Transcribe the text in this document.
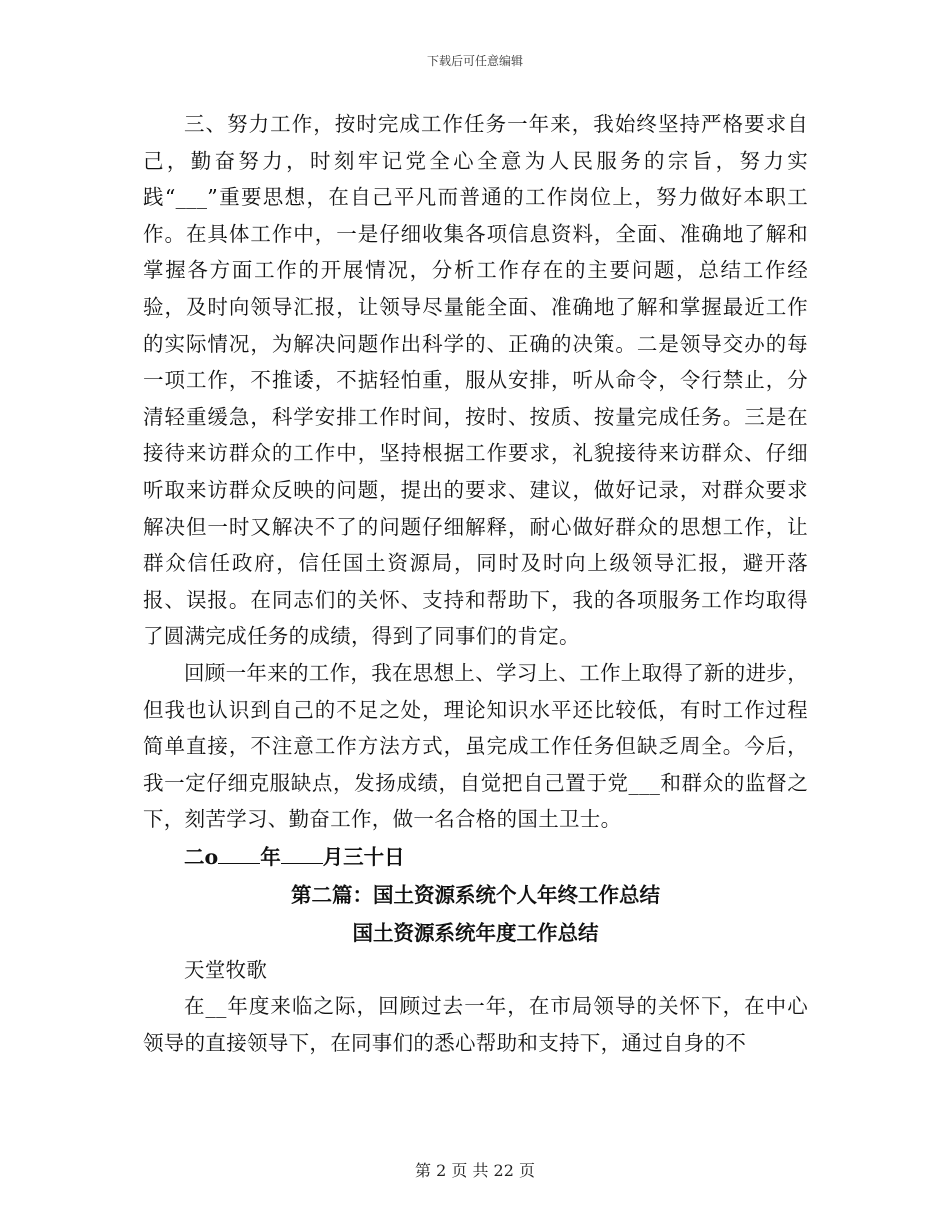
下载后可任意编辑

三、努力工作，按时完成工作任务一年来，我始终坚持严格要求自己，勤奋努力，时刻牢记党全心全意为人民服务的宗旨，努力实践“___”重要思想，在自己平凡而普通的工作岗位上，努力做好本职工作。在具体工作中，一是仔细收集各项信息资料，全面、准确地了解和掌握各方面工作的开展情况，分析工作存在的主要问题，总结工作经验，及时向领导汇报，让领导尽量能全面、准确地了解和掌握最近工作的实际情况，为解决问题作出科学的、正确的决策。二是领导交办的每一项工作，不推诿，不掂轻怕重，服从安排，听从命令，令行禁止，分清轻重缓急，科学安排工作时间，按时、按质、按量完成任务。三是在接待来访群众的工作中，坚持根据工作要求，礼貌接待来访群众、仔细听取来访群众反映的问题，提出的要求、建议，做好记录，对群众要求解决但一时又解决不了的问题仔细解释，耐心做好群众的思想工作，让群众信任政府，信任国土资源局，同时及时向上级领导汇报，避开落报、误报。在同志们的关怀、支持和帮助下，我的各项服务工作均取得了圆满完成任务的成绩，得到了同事们的肯定。

回顾一年来的工作，我在思想上、学习上、工作上取得了新的进步，但我也认识到自己的不足之处，理论知识水平还比较低，有时工作过程简单直接，不注意工作方法方式，虽完成工作任务但缺乏周全。今后，我一定仔细克服缺点，发扬成绩，自觉把自己置于党___和群众的监督之下，刻苦学习、勤奋工作，做一名合格的国土卫士。

二o 年 月三十日

第二篇：国土资源系统个人年终工作总结

国土资源系统年度工作总结

天堂牧歌

在__年度来临之际，回顾过去一年，在市局领导的关怀下，在中心领导的直接领导下，在同事们的悉心帮助和支持下，通过自身的不

第 2 页 共 22 页
